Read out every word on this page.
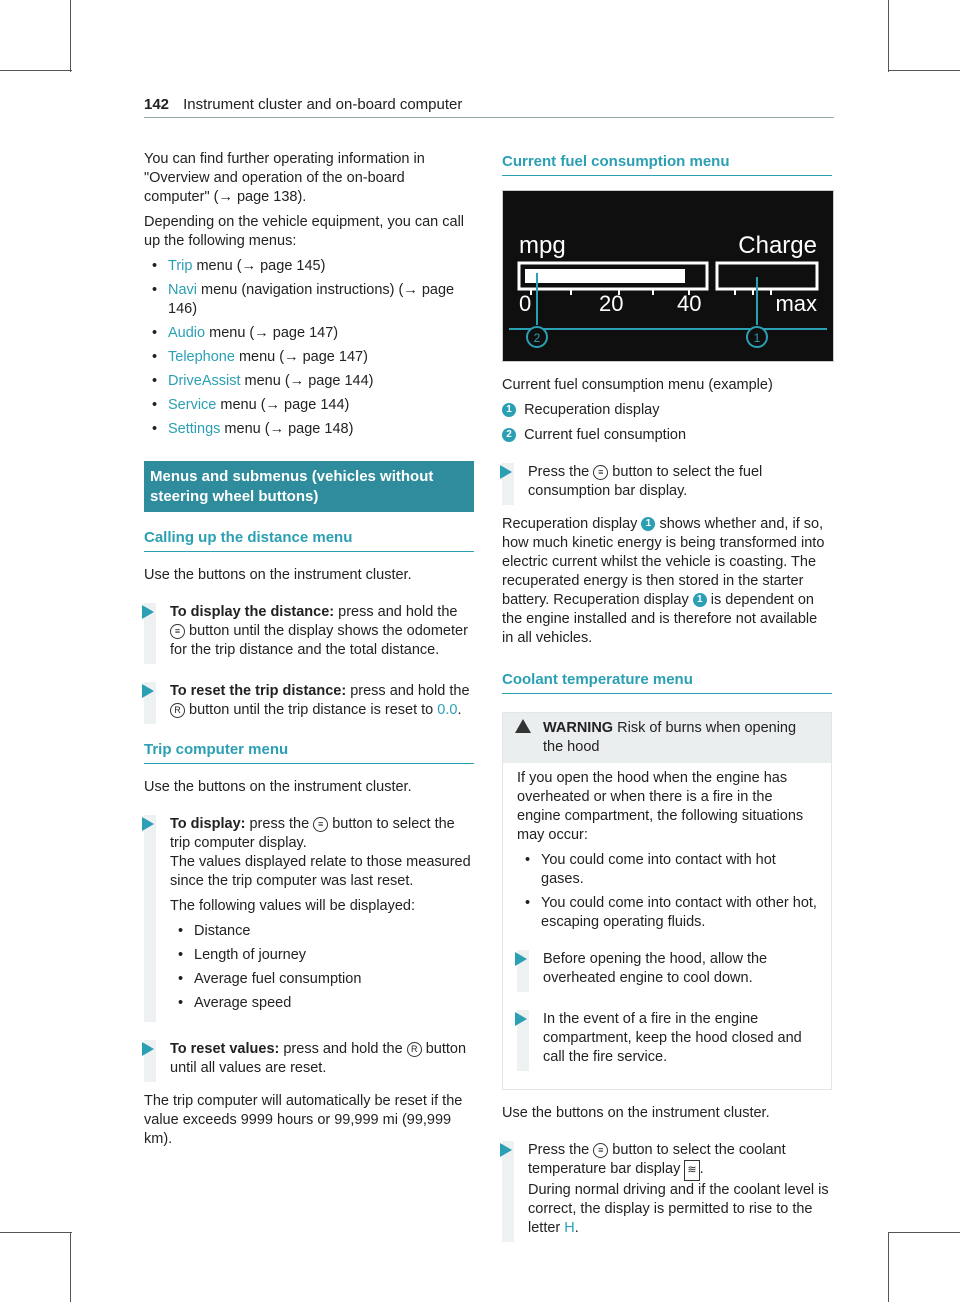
142 Instrument cluster and on-board computer

You can find further operating information in "Overview and operation of the on-board computer" (→ page 138).

Depending on the vehicle equipment, you can call up the following menus:

• Trip menu (→ page 145)
• Navi menu (navigation instructions) (→ page 146)
• Audio menu (→ page 147)
• Telephone menu (→ page 147)
• DriveAssist menu (→ page 144)
• Service menu (→ page 144)
• Settings menu (→ page 148)
Menus and submenus (vehicles without steering wheel buttons)
Calling up the distance menu

Use the buttons on the instrument cluster.

To display the distance: press and hold the ≡ button until the display shows the odometer for the trip distance and the total distance.
To reset the trip distance: press and hold the R button until the trip distance is reset to 0.0.
Trip computer menu

Use the buttons on the instrument cluster.

To display: press the ≡ button to select the trip computer display.

The values displayed relate to those measured since the trip computer was last reset.

The following values will be displayed:

• Distance
• Length of journey
• Average fuel consumption
• Average speed
To reset values: press and hold the R button until all values are reset.

The trip computer will automatically be reset if the value exceeds 9999 hours or 99,999 mi (99,999 km).

Current fuel consumption menu
mpg	Charge
0	20 40	max
2	1

Current fuel consumption menu (example)

1 Recuperation display

2 Current fuel consumption

Press the ≡ button to select the fuel consumption bar display.

Recuperation display 1 shows whether and, if so, how much kinetic energy is being transformed into electric current whilst the vehicle is coasting. The recuperated energy is then stored in the starter battery. Recuperation display 1 is dependent on the engine installed and is therefore not available in all vehicles.

Coolant temperature menu
WARNING Risk of burns when opening the hood

If you open the hood when the engine has overheated or when there is a fire in the engine compartment, the following situations may occur:

• You could come into contact with hot gases.
• You could come into contact with other hot, escaping operating fluids.
Before opening the hood, allow the overheated engine to cool down.
In the event of a fire in the engine compartment, keep the hood closed and call the fire service.

Use the buttons on the instrument cluster.

Press the ≡ button to select the coolant temperature bar display ≋ .
During normal driving and if the coolant level is correct, the display is permitted to rise to the letter H.
